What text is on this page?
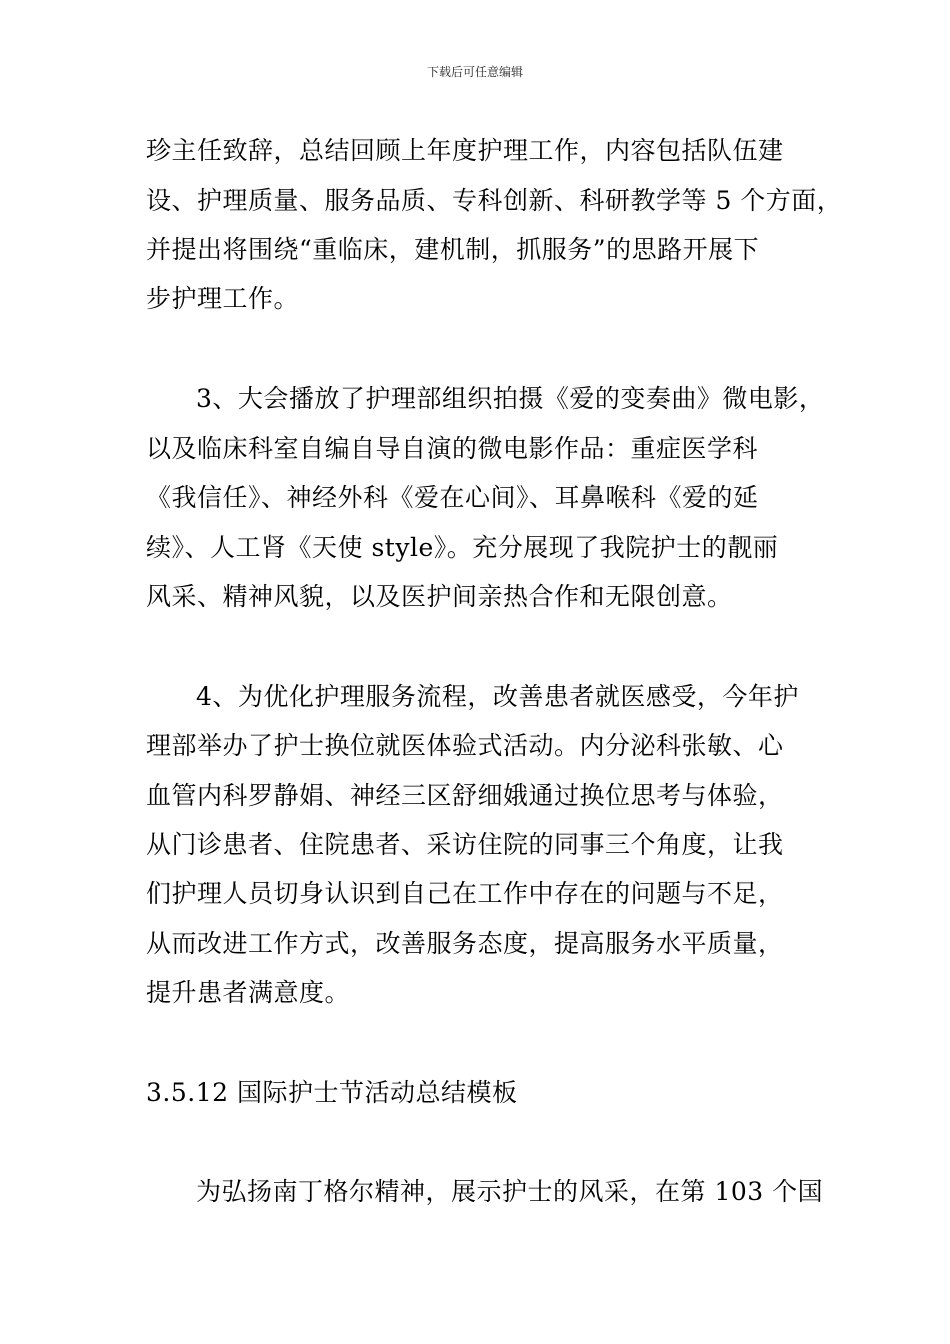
下载后可任意编辑
珍主任致辞，总结回顾上年度护理工作，内容包括队伍建
设、护理质量、服务品质、专科创新、科研教学等 5 个方面，
并提出将围绕“重临床，建机制，抓服务”的思路开展下
步护理工作。
3、大会播放了护理部组织拍摄《爱的变奏曲》微电影，
以及临床科室自编自导自演的微电影作品：重症医学科
《我信任》、神经外科《爱在心间》、耳鼻喉科《爱的延
续》、人工肾《天使 style》。充分展现了我院护士的靓丽
风采、精神风貌，以及医护间亲热合作和无限创意。
4、为优化护理服务流程，改善患者就医感受，今年护
理部举办了护士换位就医体验式活动。内分泌科张敏、心
血管内科罗静娟、神经三区舒细娥通过换位思考与体验，
从门诊患者、住院患者、采访住院的同事三个角度，让我
们护理人员切身认识到自己在工作中存在的问题与不足，
从而改进工作方式，改善服务态度，提高服务水平质量，
提升患者满意度。
3.5.12 国际护士节活动总结模板
为弘扬南丁格尔精神，展示护士的风采，在第 103 个国
